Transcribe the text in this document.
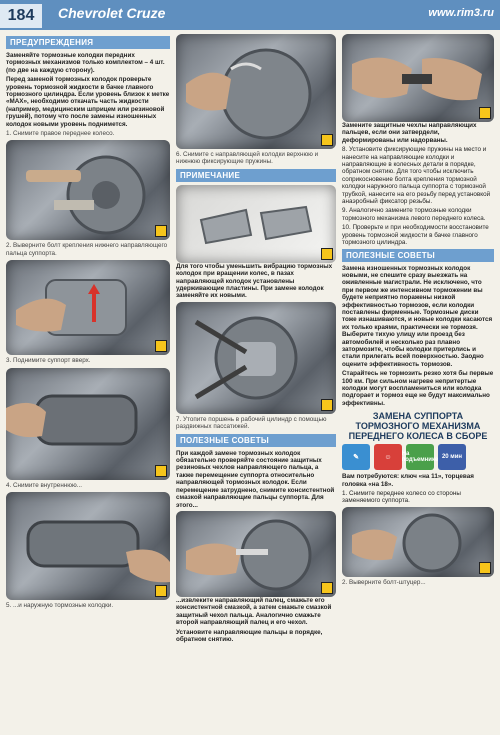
184	Chevrolet Cruze	www.rim3.ru
ПРЕДУПРЕЖДЕНИЯ

Заменяйте тормозные колодки передних тормозных механизмов только комплектом – 4 шт. (по две на каждую сторону).

Перед заменой тормозных колодок проверьте уровень тормозной жидкости в бачке главного тормозного цилиндра. Если уровень близок к метке «MAX», необходимо откачать часть жидкости (например, медицинским шприцем или резиновой грушей), потому что после замены изношенных колодок новыми уровень поднимется.

1. Снимите правое переднее колесо.

2. Выверните болт крепления нижнего направляющего пальца суппорта.

3. Поднимите суппорт вверх.

4. Снимите внутреннюю...

5. ...и наружную тормозные колодки.

6. Снимите с направляющей колодки верхнюю и нижнюю фиксирующие пружины.

ПРИМЕЧАНИЕ

Для того чтобы уменьшить вибрацию тормозных колодок при вращении колес, в пазах направляющей колодок установлены удерживающие пластины. При замене колодок заменяйте их новыми.

7. Утопите поршень в рабочий цилиндр с помощью раздвижных пассатижей.

ПОЛЕЗНЫЕ СОВЕТЫ

При каждой замене тормозных колодок обязательно проверяйте состояние защитных резиновых чехлов направляющего пальца, а также перемещение суппорта относительно направляющей тормозных колодок. Если перемещение затруднено, снимите консистентной смазкой направляющие пальцы суппорта. Для этого...

...извлеките направляющий палец, смажьте его консистентной смазкой, а затем смажьте смазкой защитный чехол пальца. Аналогично смажьте второй направляющий палец и его чехол.

Установите направляющие пальцы в порядке, обратном снятию.

Замените защитные чехлы направляющих пальцев, если они затвердели, деформированы или надорваны.

8. Установите фиксирующие пружины на место и нанесите на направляющие колодки и направляющие в колесных детали в порядке, обратном снятию. Для того чтобы исключить соприкосновение болта крепления тормозной колодки наружного пальца суппорта с тормозной трубкой, нанесите на его резьбу перед установкой анаэробный фиксатор резьбы.

9. Аналогично замените тормозные колодки тормозного механизма левого переднего колеса.

10. Проверьте и при необходимости восстановите уровень тормозной жидкости в бачке главного тормозного цилиндра.

ПОЛЕЗНЫЕ СОВЕТЫ

Замена изношенных тормозных колодок новыми, не спешите сразу выезжать на оживленные магистрали. Не исключено, что при первом же интенсивном торможении вы будете неприятно поражены низкой эффективностью тормозов, если колодки поставлены фирменные. Тормозные диски тоже изнашиваются, и новые колодки касаются их только краями, практически не тормозя. Выберите тихую улицу или проезд без автомобилей и несколько раз плавно затормозите, чтобы колодки притерлись и стали прилегать всей поверхностью. Заодно оцените эффективность тормозов.

Старайтесь не тормозить резко хотя бы первые 100 км. При сильном нагреве непритертые колодки могут воспламениться или колодка подгорает и тормоз еще не будут максимально эффективны.

ЗАМЕНА СУППОРТА ТОРМОЗНОГО МЕХАНИЗМА ПЕРЕДНЕГО КОЛЕСА В СБОРЕ
✎	☺	На подъемнике 20 мин

Вам потребуются: ключ «на 11», торцевая головка «на 18».

1. Снимите переднее колесо со стороны заменяемого суппорта.

2. Выверните болт-штуцер...
